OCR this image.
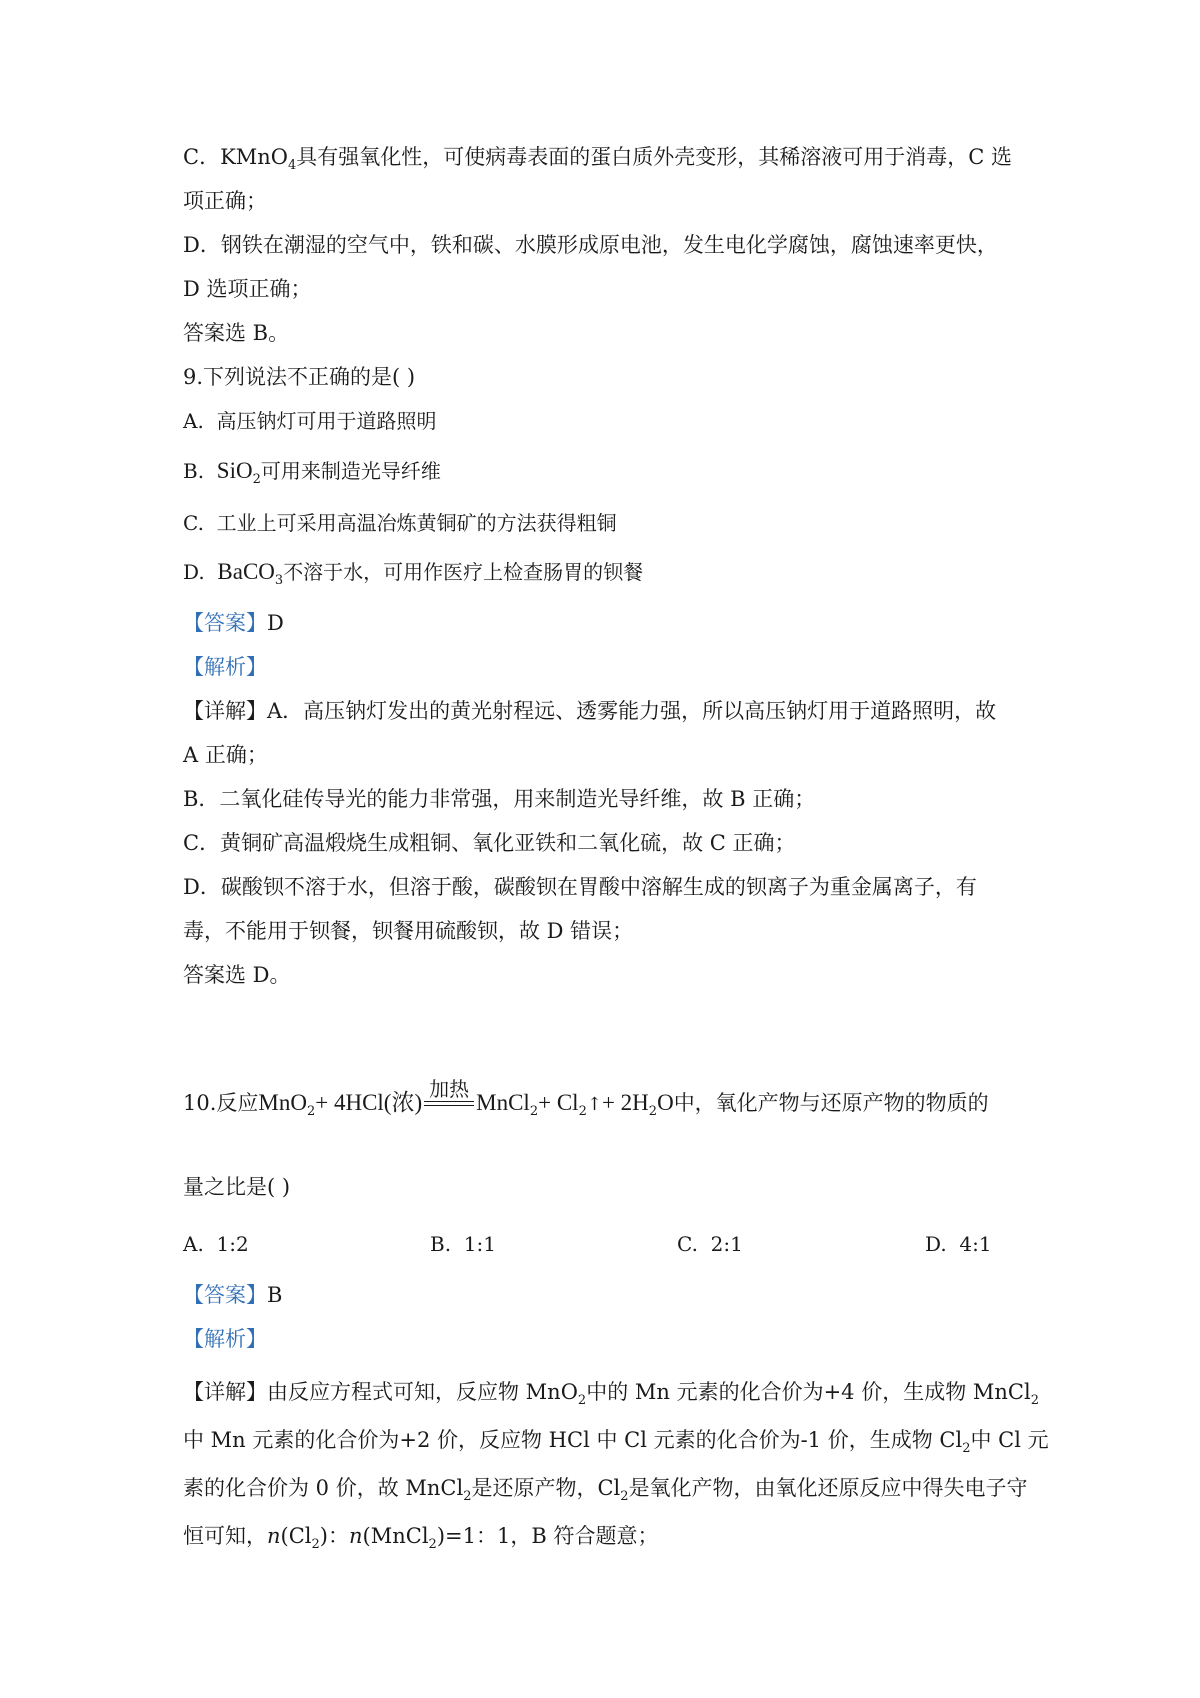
C．KMnO$_4$具有强氧化性，可使病毒表面的蛋白质外壳变形，其稀溶液可用于消毒，C 选
项正确；
D．钢铁在潮湿的空气中，铁和碳、水膜形成原电池，发生电化学腐蚀，腐蚀速率更快，
D 选项正确；
答案选 B。
9.下列说法不正确的是( )
A. 高压钠灯可用于道路照明
B. SiO$_2$可用来制造光导纤维
C. 工业上可采用高温冶炼黄铜矿的方法获得粗铜
D. BaCO$_3$不溶于水，可用作医疗上检查肠胃的钡餐
【答案】D
【解析】
【详解】A．高压钠灯发出的黄光射程远、透雾能力强，所以高压钠灯用于道路照明，故
A 正确；
B．二氧化硅传导光的能力非常强，用来制造光导纤维，故 B 正确；
C．黄铜矿高温煅烧生成粗铜、氧化亚铁和二氧化硫，故 C 正确；
D．碳酸钡不溶于水，但溶于酸，碳酸钡在胃酸中溶解生成的钡离子为重金属离子，有
毒，不能用于钡餐，钡餐用硫酸钡，故 D 错误；
答案选 D。
10.反应MnO$_2$+ 4HCl(浓)
加热
MnCl$_2$+ $Cl_2↑+ 2H_2O$中，氧化产物与还原产物的物质的
量之比是( )
A. 1:2	B. 1:1	C. 2:1	D. 4:1
【答案】B
【解析】
【详解】由反应方程式可知，反应物 MnO$_2$中的 Mn 元素的化合价为+4 价，生成物 MnCl$_2$
中 Mn 元素的化合价为+2 价，反应物 HCl 中 Cl 元素的化合价为-1 价，生成物 $Cl_2$中 Cl 元
素的化合价为 0 价，故 MnCl$_2$是还原产物，$Cl_2$是氧化产物，由氧化还原反应中得失电子守
恒可知，$n(Cl_2)$：n(MnCl$_2$)=1：1，B 符合题意；
